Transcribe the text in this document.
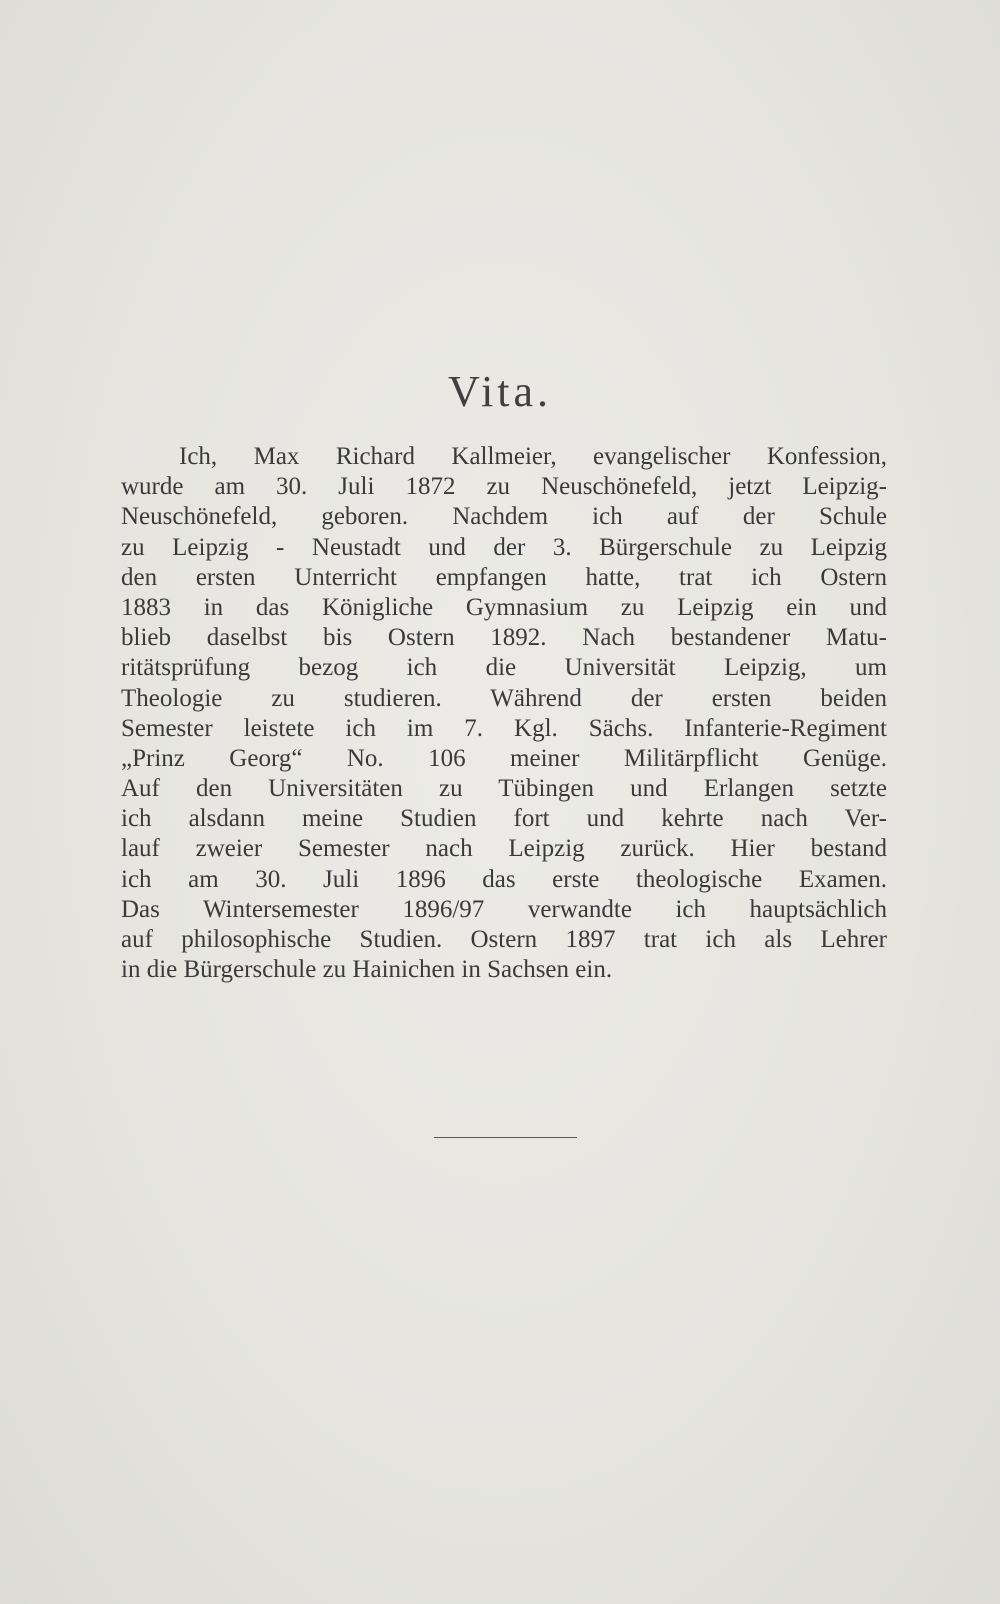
Vita.
Ich, Max Richard Kallmeier, evangelischer Konfession,
wurde am 30. Juli 1872 zu Neuschönefeld, jetzt Leipzig-
Neuschönefeld, geboren. Nachdem ich auf der Schule
zu Leipzig - Neustadt und der 3. Bürgerschule zu Leipzig
den ersten Unterricht empfangen hatte, trat ich Ostern
1883 in das Königliche Gymnasium zu Leipzig ein und
blieb daselbst bis Ostern 1892. Nach bestandener Matu-
ritätsprüfung bezog ich die Universität Leipzig, um
Theologie zu studieren. Während der ersten beiden
Semester leistete ich im 7. Kgl. Sächs. Infanterie-Regiment
„Prinz Georg“ No. 106 meiner Militärpflicht Genüge.
Auf den Universitäten zu Tübingen und Erlangen setzte
ich alsdann meine Studien fort und kehrte nach Ver-
lauf zweier Semester nach Leipzig zurück. Hier bestand
ich am 30. Juli 1896 das erste theologische Examen.
Das Wintersemester 1896/97 verwandte ich hauptsächlich
auf philosophische Studien. Ostern 1897 trat ich als Lehrer
in die Bürgerschule zu Hainichen in Sachsen ein.
